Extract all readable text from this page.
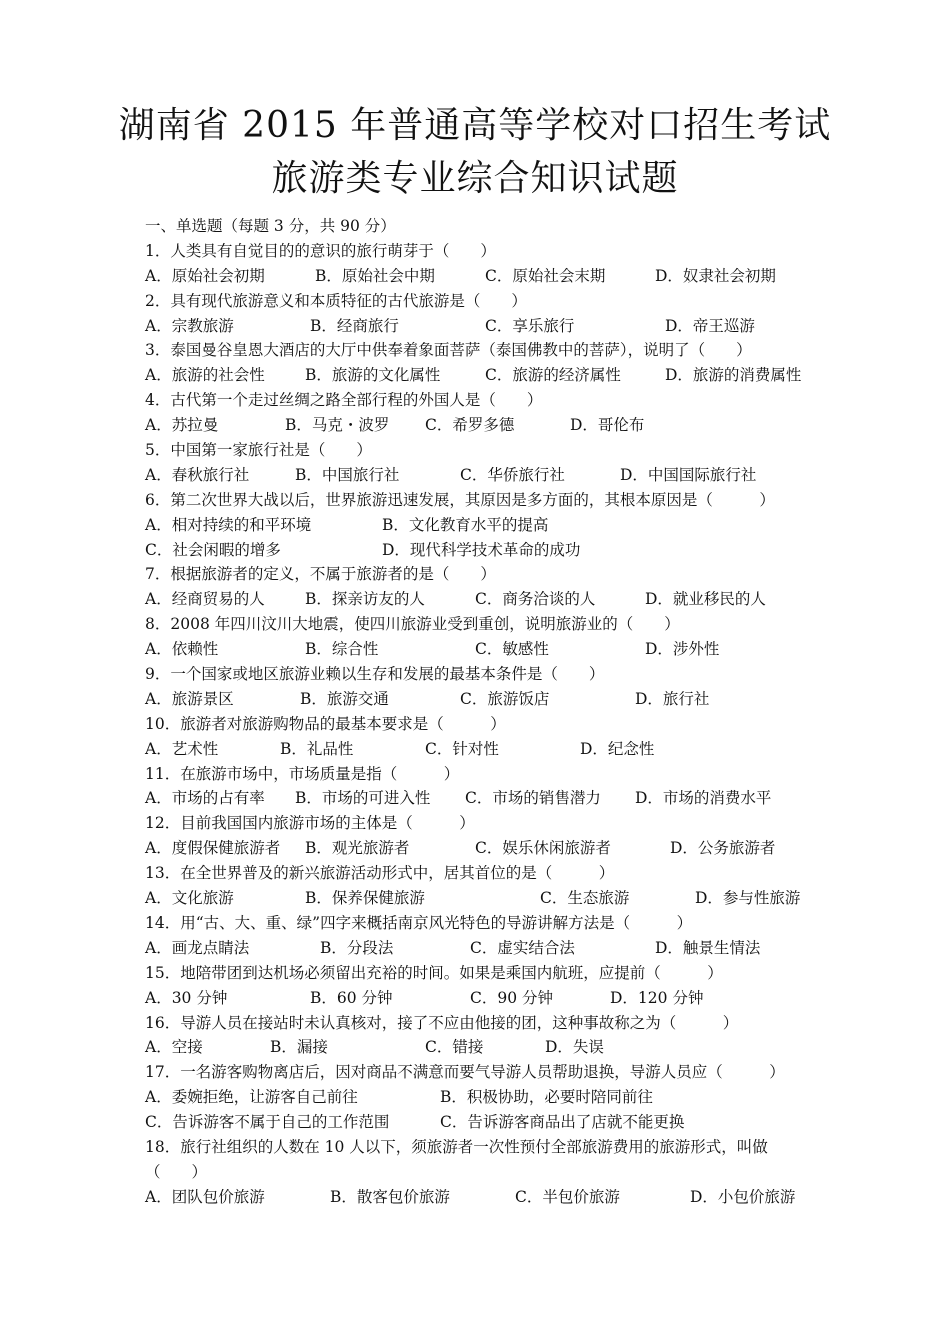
湖南省 2015 年普通高等学校对口招生考试
旅游类专业综合知识试题
一、单选题（每题 3 分，共 90 分）
1．人类具有自觉目的的意识的旅行萌芽于（　　）
A．原始社会初期	B．原始社会中期	C．原始社会末期	D．奴隶社会初期
2．具有现代旅游意义和本质特征的古代旅游是（　　）
A．宗教旅游	B．经商旅行	C．享乐旅行	D．帝王巡游
3．泰国曼谷皇恩大酒店的大厅中供奉着象面菩萨（泰国佛教中的菩萨），说明了（　　）
A．旅游的社会性	B．旅游的文化属性	C．旅游的经济属性	D．旅游的消费属性
4．古代第一个走过丝绸之路全部行程的外国人是（　　）
A．苏拉曼	B．马克・波罗 C．希罗多德	D．哥伦布
5．中国第一家旅行社是（　　）
A．春秋旅行社	B．中国旅行社	C．华侨旅行社	D．中国国际旅行社
6．第二次世界大战以后，世界旅游迅速发展，其原因是多方面的，其根本原因是（　　　）
A．相对持续的和平环境	B．文化教育水平的提高
C．社会闲暇的增多	D．现代科学技术革命的成功
7．根据旅游者的定义，不属于旅游者的是（　　）
A．经商贸易的人	B．探亲访友的人	C．商务洽谈的人	D．就业移民的人
8．2008 年四川汶川大地震，使四川旅游业受到重创，说明旅游业的（　　）
A．依赖性	B．综合性	C．敏感性	D．涉外性
9．一个国家或地区旅游业赖以生存和发展的最基本条件是（　　）
A．旅游景区	B．旅游交通	C．旅游饭店	D．旅行社
10．旅游者对旅游购物品的最基本要求是（　　　）
A．艺术性	B．礼品性	C．针对性	D．纪念性
11．在旅游市场中，市场质量是指（　　　）
A．市场的占有率 B．市场的可进入性 C．市场的销售潜力 D．市场的消费水平
12．目前我国国内旅游市场的主体是（　　　）
A．度假保健旅游者 B．观光旅游者	C．娱乐休闲旅游者	D．公务旅游者
13．在全世界普及的新兴旅游活动形式中，居其首位的是（　　　）
A．文化旅游	B．保养保健旅游	C．生态旅游	D．参与性旅游
14．用“古、大、重、绿”四字来概括南京风光特色的导游讲解方法是（　　　）
A．画龙点睛法	B．分段法	C．虚实结合法	D．触景生情法
15．地陪带团到达机场必须留出充裕的时间。如果是乘国内航班，应提前（　　　）
A．30 分钟	B．60 分钟	C．90 分钟	D．120 分钟
16．导游人员在接站时未认真核对，接了不应由他接的团，这种事故称之为（　　　）
A．空接	B．漏接	C．错接	D．失误
17．一名游客购物离店后，因对商品不满意而要气导游人员帮助退换，导游人员应（　　　）
A．委婉拒绝，让游客自己前往	B．积极协助，必要时陪同前往
C．告诉游客不属于自己的工作范围	C．告诉游客商品出了店就不能更换
18．旅行社组织的人数在 10 人以下，须旅游者一次性预付全部旅游费用的旅游形式，叫做
（　　）
A．团队包价旅游	B．散客包价旅游	C．半包价旅游	D．小包价旅游
